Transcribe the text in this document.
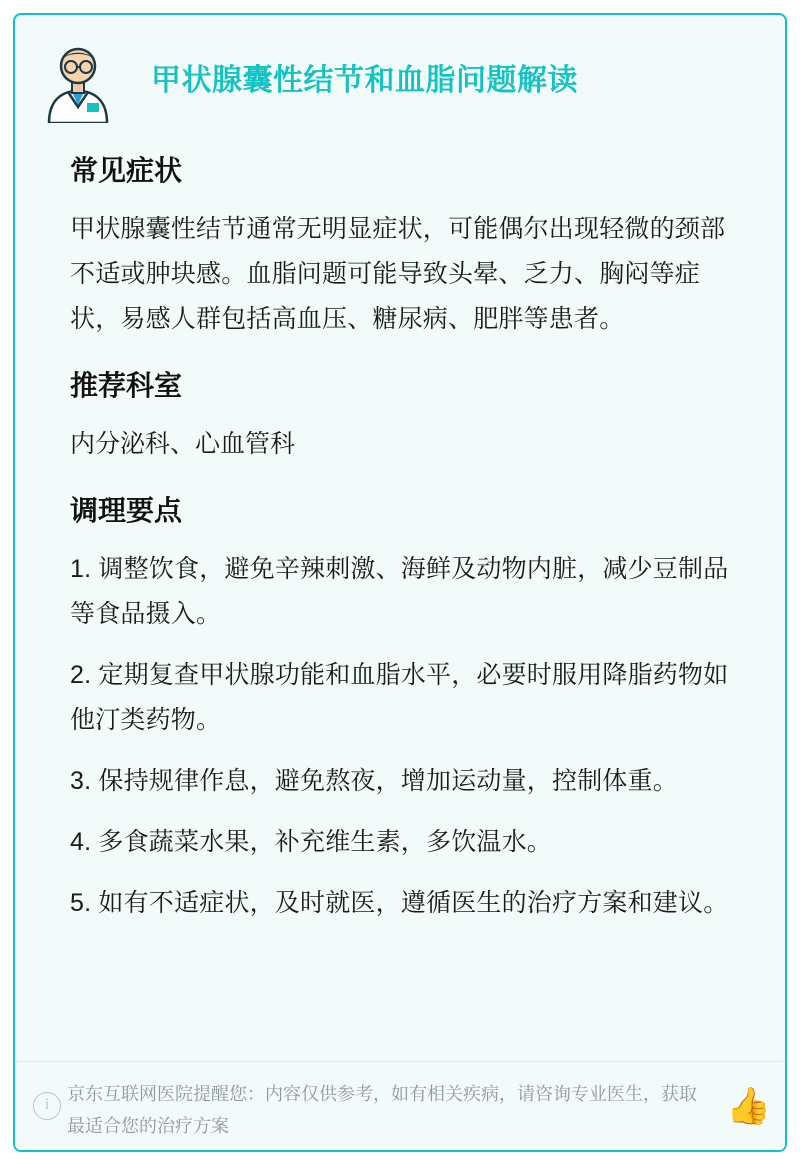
甲状腺囊性结节和血脂问题解读
常见症状

甲状腺囊性结节通常无明显症状，可能偶尔出现轻微的颈部不适或肿块感。血脂问题可能导致头晕、乏力、胸闷等症状，易感人群包括高血压、糖尿病、肥胖等患者。

推荐科室

内分泌科、心血管科

调理要点
1. 调整饮食，避免辛辣刺激、海鲜及动物内脏，减少豆制品等食品摄入。
2. 定期复查甲状腺功能和血脂水平，必要时服用降脂药物如他汀类药物。
3. 保持规律作息，避免熬夜，增加运动量，控制体重。
4. 多食蔬菜水果，补充维生素，多饮温水。
5. 如有不适症状，及时就医，遵循医生的治疗方案和建议。
i
京东互联网医院提醒您：内容仅供参考，如有相关疾病，请咨询专业医生，获取最适合您的治疗方案	👍
